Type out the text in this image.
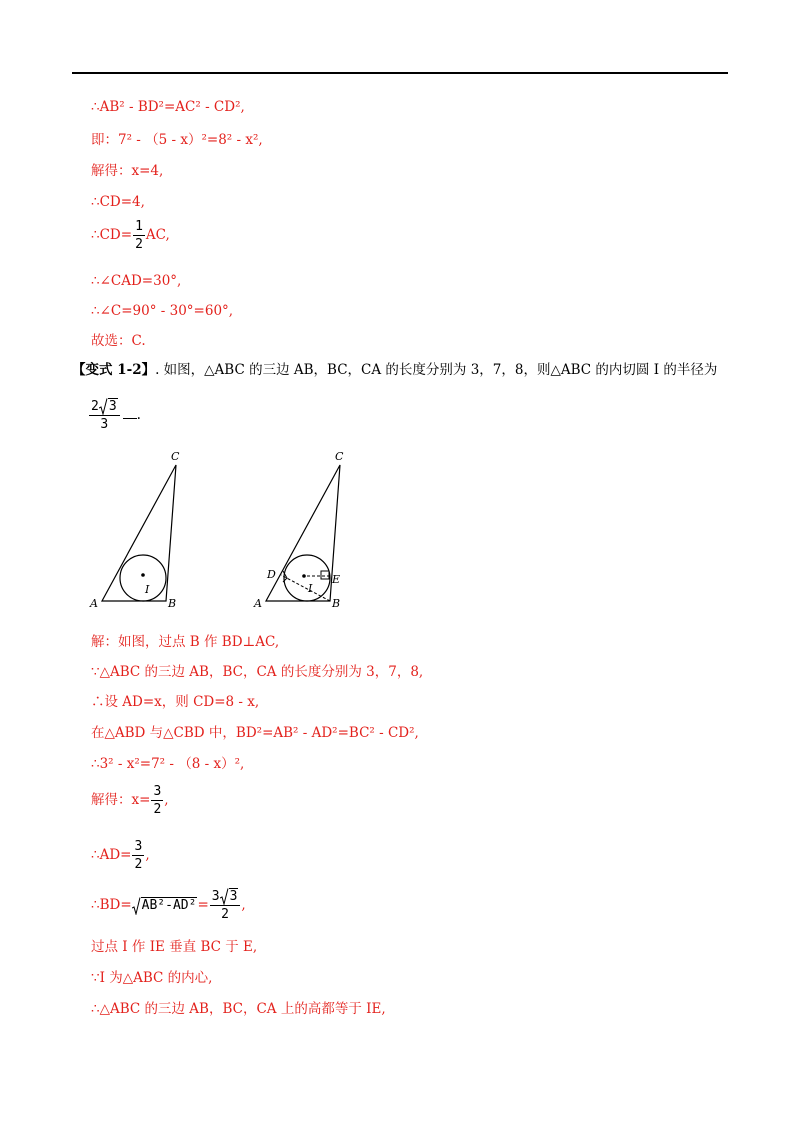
∴AB² - BD²=AC² - CD²,
即：7² - （5 - x）²=8² - x²,
解得：x=4,
∴CD=4,
∴CD= $\frac{1}{2}$ AC,
∴∠CAD=30°,
∴∠C=90° - 30°=60°,
故选：C.
【变式 1-2】. 如图，△ABC 的三边 AB，BC，CA 的长度分别为 3，7，8，则△ABC 的内切圆 I 的半径为
$\frac{2 3}{3}$ .
A	B
C
I
A	B
C
D	E
I
解：如图，过点 B 作 BD⊥AC,
∵△ABC 的三边 AB，BC，CA 的长度分别为 3，7，8,
∴设 AD=x，则 CD=8 - x,
在△ABD 与△CBD 中，BD²=AB² - AD²=BC² - CD²,
∴3² - x²=7² - （8 - x）²,
解得：$x= \frac{3}{2}$ ,
∴AD= $\frac{3}{2}$ ,
∴BD= $AB^2-AD^2= \frac{3 3}{2}$ ,
过点 I 作 IE 垂直 BC 于 E,
∵I 为△ABC 的内心,
∴△ABC 的三边 AB，BC，CA 上的高都等于 IE,
